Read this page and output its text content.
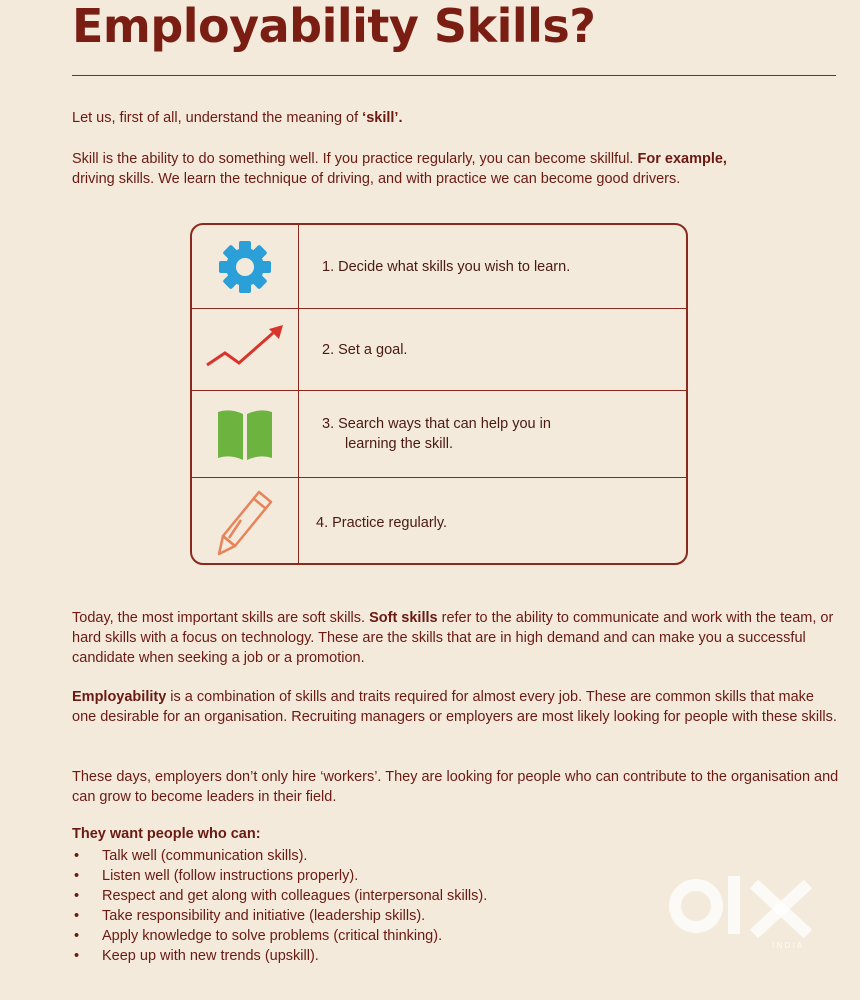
Employability Skills?

Let us, first of all, understand the meaning of ‘skill’.

Skill is the ability to do something well. If you practice regularly, you can become skillful. For example,
driving skills. We learn the technique of driving, and with practice we can become good drivers.

1. Decide what skills you wish to learn.
2. Set a goal.
3. Search ways that can help you in
learning the skill.
4. Practice regularly.

Today, the most important skills are soft skills. Soft skills refer to the ability to communicate and work with the team, or hard skills with a focus on technology. These are the skills that are in high demand and can make you a successful candidate when seeking a job or a promotion.

Employability is a combination of skills and traits required for almost every job. These are common skills that make one desirable for an organisation. Recruiting managers or employers are most likely looking for people with these skills.

These days, employers don’t only hire ‘workers’. They are looking for people who can contribute to the organisation and can grow to become leaders in their field.

They want people who can:

• Talk well (communication skills).
• Listen well (follow instructions properly).
• Respect and get along with colleagues (interpersonal skills).
• Take responsibility and initiative (leadership skills).
• Apply knowledge to solve problems (critical thinking).
• Keep up with new trends (upskill).
INDIA
